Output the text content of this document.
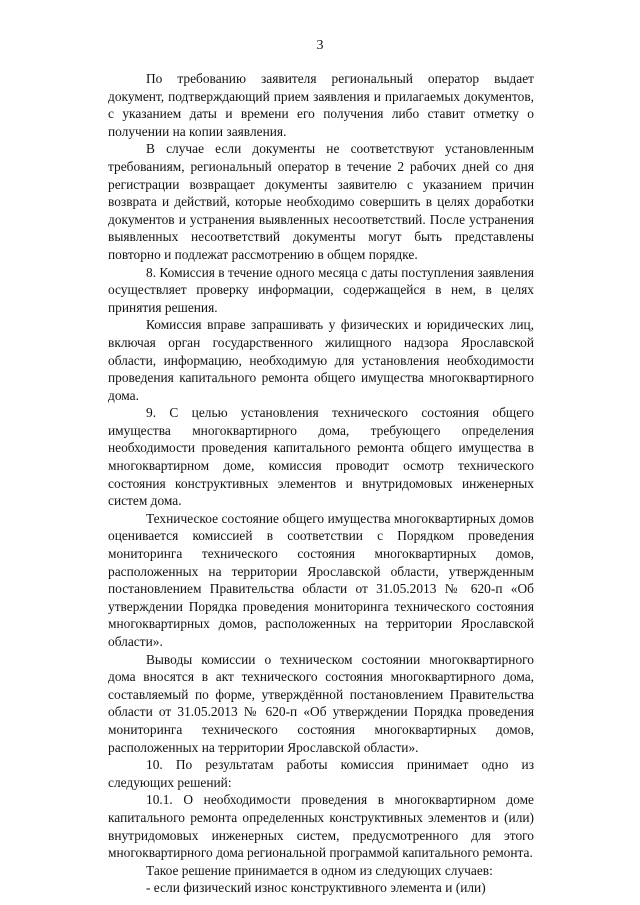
3

По требованию заявителя региональный оператор выдает документ, подтверждающий прием заявления и прилагаемых документов, с указанием даты и времени его получения либо ставит отметку о получении на копии заявления.

В случае если документы не соответствуют установленным требованиям, региональный оператор в течение 2 рабочих дней со дня регистрации возвращает документы заявителю с указанием причин возврата и действий, которые необходимо совершить в целях доработки документов и устранения выявленных несоответствий. После устранения выявленных несоответствий документы могут быть представлены повторно и подлежат рассмотрению в общем порядке.

8. Комиссия в течение одного месяца с даты поступления заявления осуществляет проверку информации, содержащейся в нем, в целях принятия решения.

Комиссия вправе запрашивать у физических и юридических лиц, включая орган государственного жилищного надзора Ярославской области, информацию, необходимую для установления необходимости проведения капитального ремонта общего имущества многоквартирного дома.

9. С целью установления технического состояния общего имущества многоквартирного дома, требующего определения необходимости проведения капитального ремонта общего имущества в многоквартирном доме, комиссия проводит осмотр технического состояния конструктивных элементов и внутридомовых инженерных систем дома.

Техническое состояние общего имущества многоквартирных домов оценивается комиссией в соответствии с Порядком проведения мониторинга технического состояния многоквартирных домов, расположенных на территории Ярославской области, утвержденным постановлением Правительства области от 31.05.2013 № 620-п «Об утверждении Порядка проведения мониторинга технического состояния многоквартирных домов, расположенных на территории Ярославской области».

Выводы комиссии о техническом состоянии многоквартирного дома вносятся в акт технического состояния многоквартирного дома, составляемый по форме, утверждённой постановлением Правительства области от 31.05.2013 № 620-п «Об утверждении Порядка проведения мониторинга технического состояния многоквартирных домов, расположенных на территории Ярославской области».

10. По результатам работы комиссия принимает одно из следующих решений:

10.1. О необходимости проведения в многоквартирном доме капитального ремонта определенных конструктивных элементов и (или) внутридомовых инженерных систем, предусмотренного для этого многоквартирного дома региональной программой капитального ремонта.

Такое решение принимается в одном из следующих случаев:

- если физический износ конструктивного элемента и (или)
